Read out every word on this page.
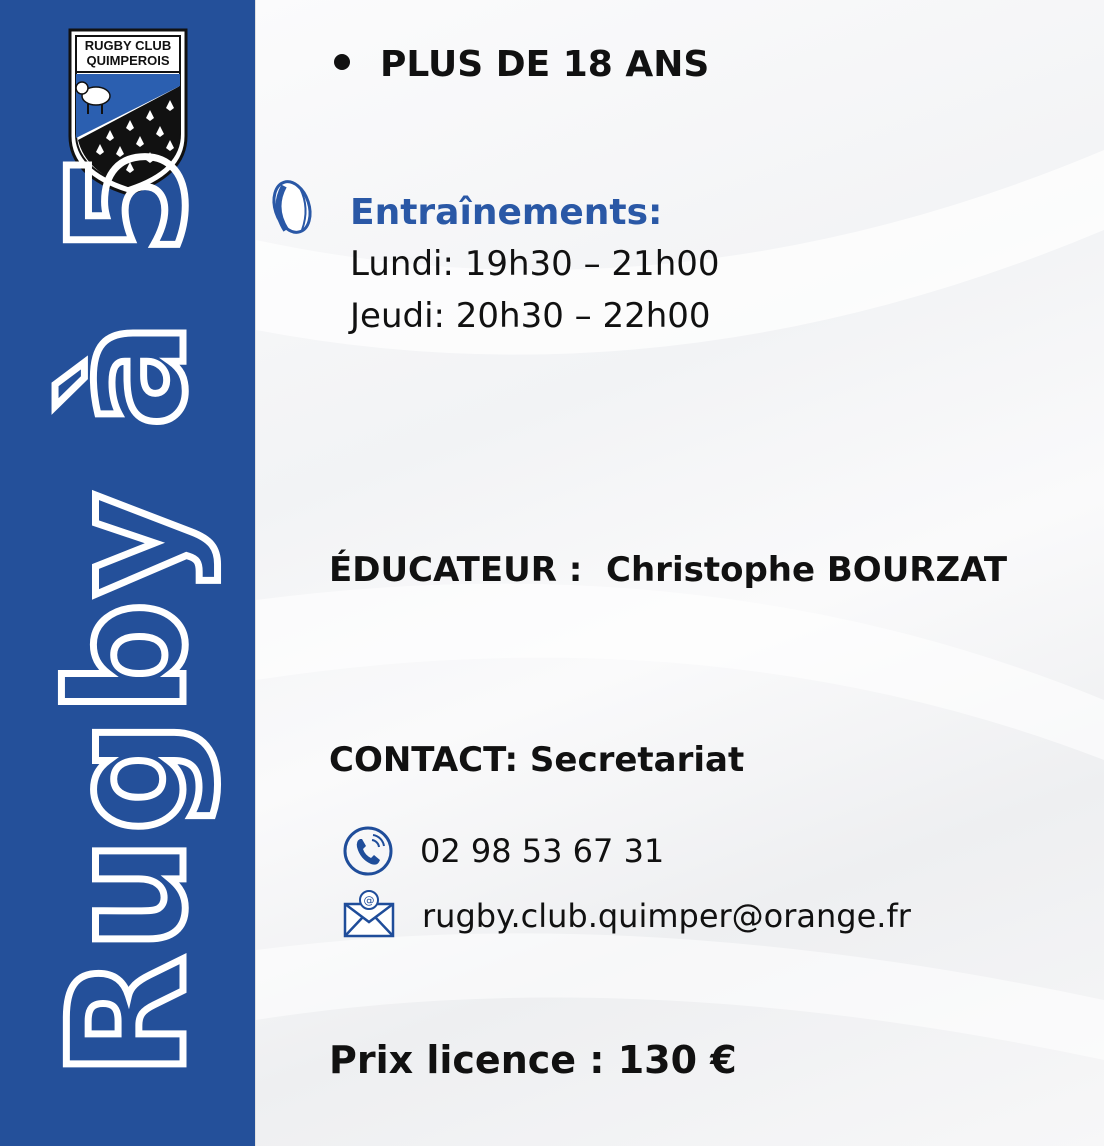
RUGBY CLUB
QUIMPEROIS
Rugby à 5
PLUS DE 18 ANS
Entraînements:
Lundi: 19h30 – 21h00
Jeudi: 20h30 – 22h00
ÉDUCATEUR : Christophe BOURZAT
CONTACT: Secretariat
02 98 53 67 31
@ rugby.club.quimper@orange.fr
Prix licence : 130 €
